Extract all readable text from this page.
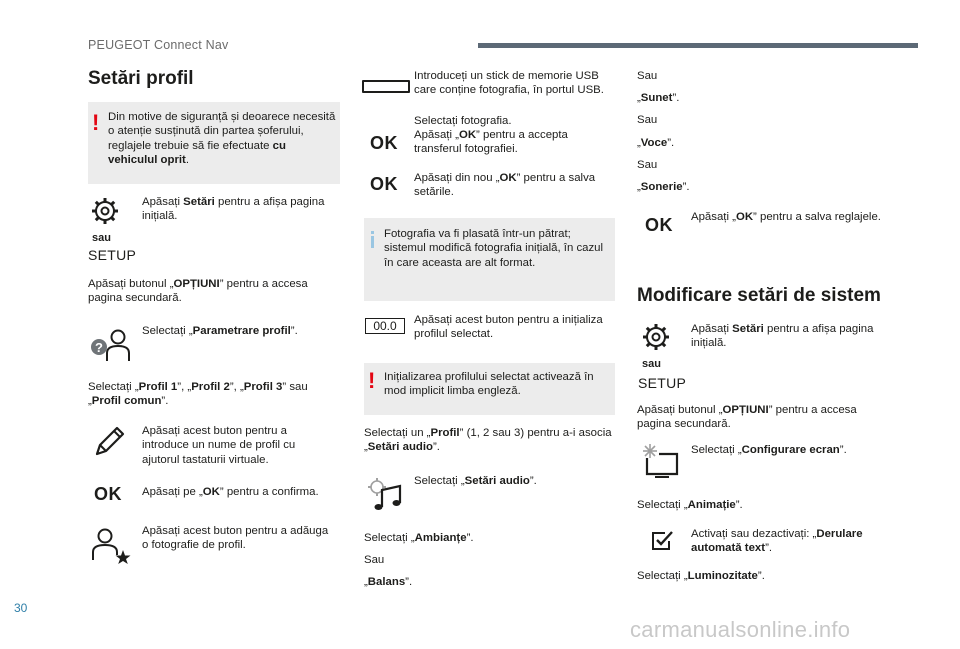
PEUGEOT Connect Nav
30
carmanualsonline.info
Setări profil
! Din motive de siguranță și deoarece necesită o atenție susținută din partea șoferului, reglajele trebuie să fie efectuate cu vehiculul oprit.
sau
SETUP
Apăsați Setări pentru a afișa pagina inițială.
Apăsați butonul „OPȚIUNI” pentru a accesa pagina secundară.
?
Selectați „Parametrare profil”.
Selectați „Profil 1”, „Profil 2”, „Profil 3” sau „Profil comun”.
Apăsați acest buton pentru a introduce un nume de profil cu ajutorul tastaturii virtuale.
OK Apăsați pe „OK” pentru a confirma.
Apăsați acest buton pentru a adăuga o fotografie de profil.
Introduceți un stick de memorie USB care conține fotografia, în portul USB.
Selectați fotografia.
OK Apăsați „OK” pentru a accepta transferul fotografiei.
OK Apăsați din nou „OK” pentru a salva setările.
Fotografia va fi plasată într-un pătrat; sistemul modifică fotografia inițială, în cazul în care aceasta are alt format.
00.0	Apăsați acest buton pentru a inițializa profilul selectat.
! Inițializarea profilului selectat activează în mod implicit limba engleză.
Selectați un „Profil” (1, 2 sau 3) pentru a-i asocia „Setări audio”.
Selectați „Setări audio”.
Selectați „Ambianțe”.
Sau
„Balans”.
Sau
„Sunet”.
Sau
„Voce”.
Sau
„Sonerie”.
OK Apăsați „OK” pentru a salva reglajele.
Modificare setări de sistem
sau
SETUP
Apăsați Setări pentru a afișa pagina inițială.
Apăsați butonul „OPȚIUNI” pentru a accesa pagina secundară.
Selectați „Configurare ecran”.
Selectați „Animație”.
Activați sau dezactivați: „Derulare automată text”.
Selectați „Luminozitate”.
